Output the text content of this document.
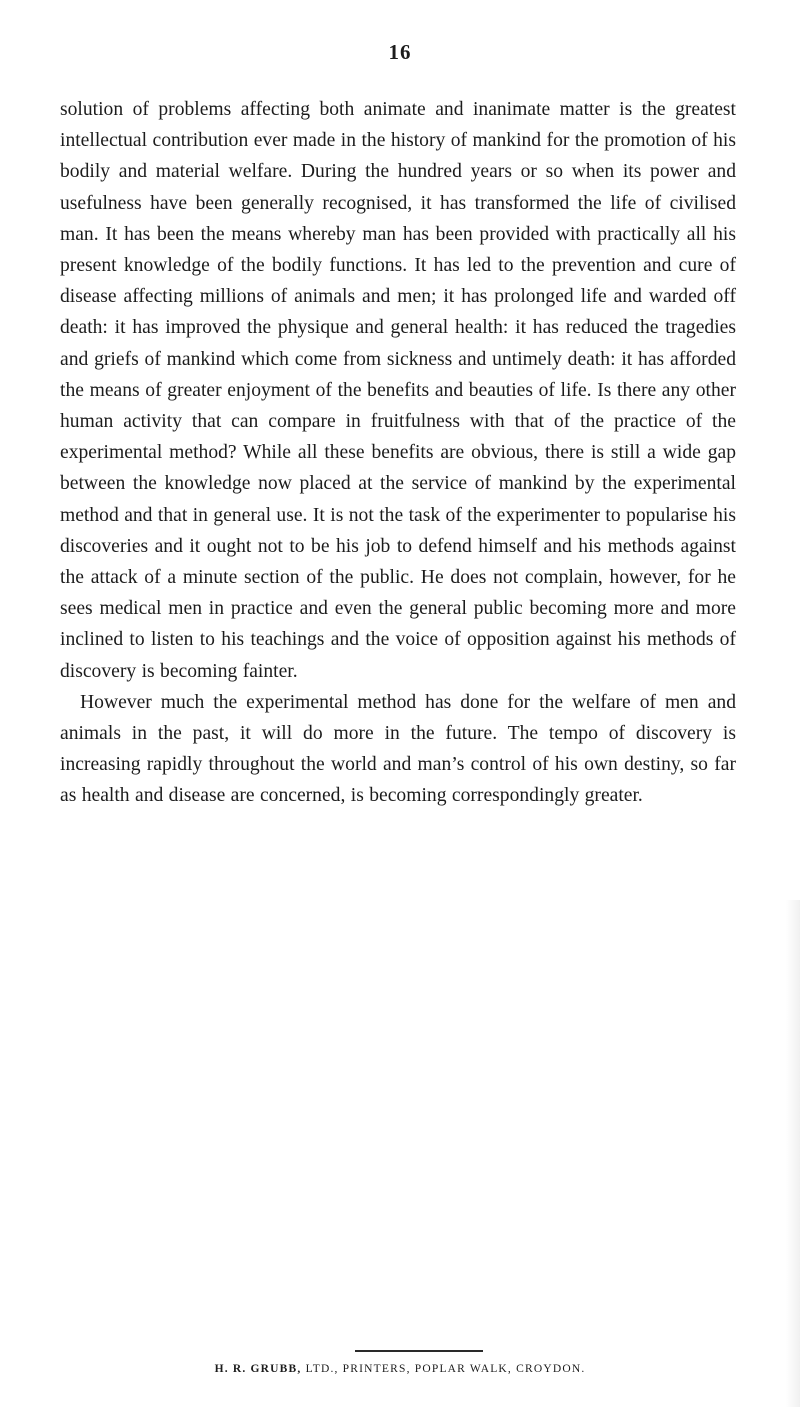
16

solution of problems affecting both animate and inanimate matter is the greatest intellectual contribution ever made in the history of mankind for the promotion of his bodily and material welfare. During the hundred years or so when its power and usefulness have been generally recognised, it has transformed the life of civilised man. It has been the means whereby man has been provided with practically all his present knowledge of the bodily functions. It has led to the prevention and cure of disease affecting millions of animals and men; it has prolonged life and warded off death: it has improved the physique and general health: it has reduced the tragedies and griefs of mankind which come from sickness and untimely death: it has afforded the means of greater enjoyment of the benefits and beauties of life. Is there any other human activity that can compare in fruitfulness with that of the practice of the experimental method? While all these benefits are obvious, there is still a wide gap between the knowledge now placed at the service of mankind by the experimental method and that in general use. It is not the task of the experimenter to popularise his discoveries and it ought not to be his job to defend himself and his methods against the attack of a minute section of the public. He does not complain, however, for he sees medical men in practice and even the general public becoming more and more inclined to listen to his teachings and the voice of opposition against his methods of discovery is becoming fainter.

However much the experimental method has done for the welfare of men and animals in the past, it will do more in the future. The tempo of discovery is increasing rapidly throughout the world and man’s control of his own destiny, so far as health and disease are concerned, is becoming correspondingly greater.

H. R. GRUBB, LTD., PRINTERS, POPLAR WALK, CROYDON.
